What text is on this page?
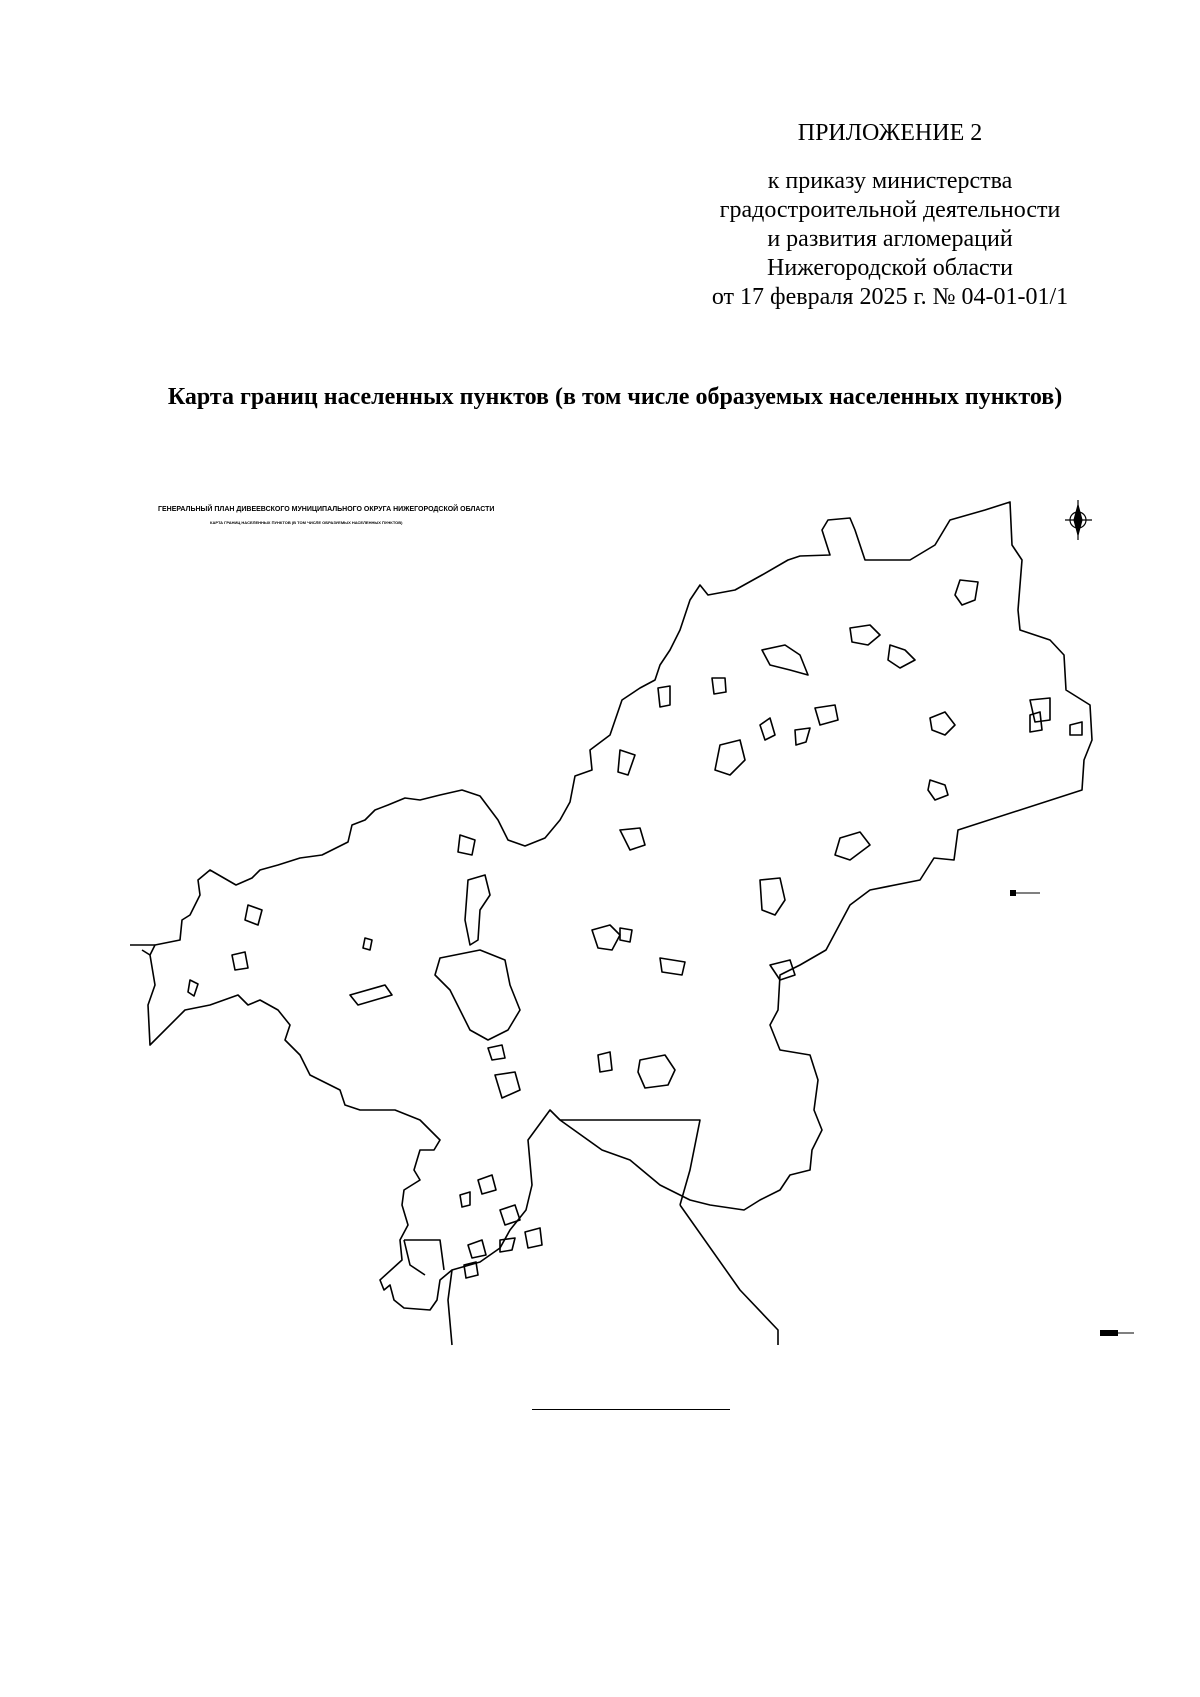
ПРИЛОЖЕНИЕ 2
к приказу министерства
градостроительной деятельности
и развития агломераций
Нижегородской области
от 17 февраля 2025 г. № 04-01-01/1
Карта границ населенных пунктов (в том числе образуемых населенных пунктов)
ГЕНЕРАЛЬНЫЙ ПЛАН ДИВЕЕВСКОГО МУНИЦИПАЛЬНОГО ОКРУГА НИЖЕГОРОДСКОЙ ОБЛАСТИ
КАРТА ГРАНИЦ НАСЕЛЕННЫХ ПУНКТОВ (В ТОМ ЧИСЛЕ ОБРАЗУЕМЫХ НАСЕЛЕННЫХ ПУНКТОВ)
